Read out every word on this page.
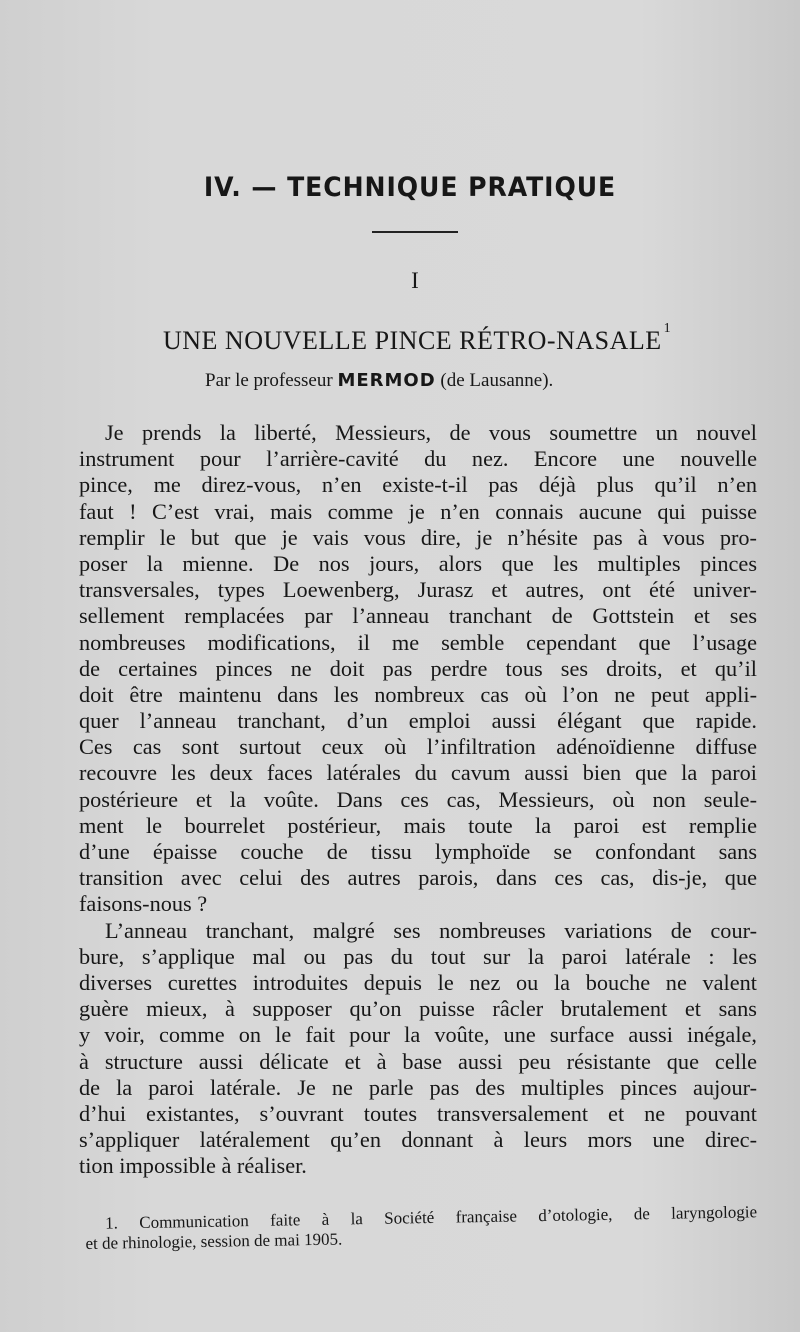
IV. — TECHNIQUE PRATIQUE
I
UNE NOUVELLE PINCE RÉTRO-NASALE $^1$
Par le professeur MERMOD (de Lausanne).
Je prends la liberté, Messieurs, de vous soumettre un nouvel
instrument pour l’arrière-cavité du nez. Encore une nouvelle
pince, me direz-vous, n’en existe-t-il pas déjà plus qu’il n’en
faut ! C’est vrai, mais comme je n’en connais aucune qui puisse
remplir le but que je vais vous dire, je n’hésite pas à vous pro-
poser la mienne. De nos jours, alors que les multiples pinces
transversales, types Loewenberg, Jurasz et autres, ont été univer-
sellement remplacées par l’anneau tranchant de Gottstein et ses
nombreuses modifications, il me semble cependant que l’usage
de certaines pinces ne doit pas perdre tous ses droits, et qu’il
doit être maintenu dans les nombreux cas où l’on ne peut appli-
quer l’anneau tranchant, d’un emploi aussi élégant que rapide.
Ces cas sont surtout ceux où l’infiltration adénoïdienne diffuse
recouvre les deux faces latérales du cavum aussi bien que la paroi
postérieure et la voûte. Dans ces cas, Messieurs, où non seule-
ment le bourrelet postérieur, mais toute la paroi est remplie
d’une épaisse couche de tissu lymphoïde se confondant sans
transition avec celui des autres parois, dans ces cas, dis-je, que
faisons-nous ?
L’anneau tranchant, malgré ses nombreuses variations de cour-
bure, s’applique mal ou pas du tout sur la paroi latérale : les
diverses curettes introduites depuis le nez ou la bouche ne valent
guère mieux, à supposer qu’on puisse râcler brutalement et sans
y voir, comme on le fait pour la voûte, une surface aussi inégale,
à structure aussi délicate et à base aussi peu résistante que celle
de la paroi latérale. Je ne parle pas des multiples pinces aujour-
d’hui existantes, s’ouvrant toutes transversalement et ne pouvant
s’appliquer latéralement qu’en donnant à leurs mors une direc-
tion impossible à réaliser.
1. Communication faite à la Société française d’otologie, de laryngologie
et de rhinologie, session de mai 1905.
